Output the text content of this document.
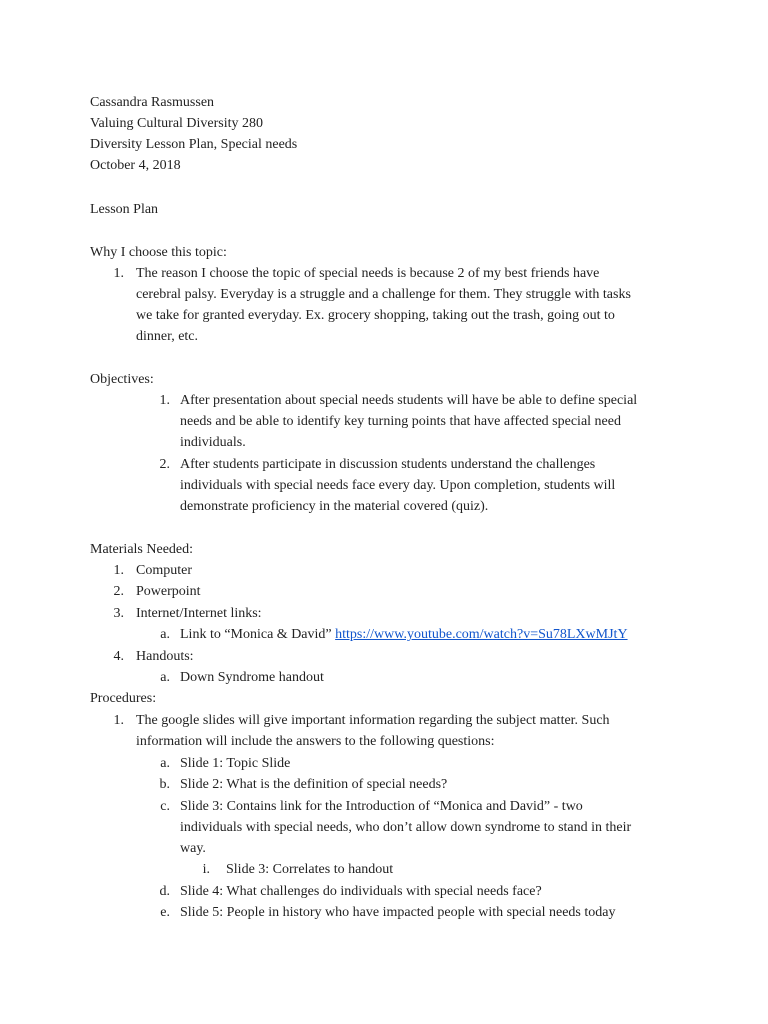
Cassandra Rasmussen
Valuing Cultural Diversity 280
Diversity Lesson Plan, Special needs
October 4, 2018
Lesson Plan
Why I choose this topic:
1. The reason I choose the topic of special needs is because 2 of my best friends have
cerebral palsy. Everyday is a struggle and a challenge for them. They struggle with tasks
we take for granted everyday. Ex. grocery shopping, taking out the trash, going out to
dinner, etc.
Objectives:
1. After presentation about special needs students will have be able to define special
needs and be able to identify key turning points that have affected special need
individuals.
2. After students participate in discussion students understand the challenges
individuals with special needs face every day. Upon completion, students will
demonstrate proficiency in the material covered (quiz).
Materials Needed:
1. Computer
2. Powerpoint
3. Internet/Internet links:
a. Link to “Monica & David” https://www.youtube.com/watch?v=Su78LXwMJtY
4. Handouts:
a. Down Syndrome handout
Procedures:
1. The google slides will give important information regarding the subject matter. Such
information will include the answers to the following questions:
a. Slide 1: Topic Slide
b. Slide 2: What is the definition of special needs?
c. Slide 3: Contains link for the Introduction of “Monica and David” - two
individuals with special needs, who don’t allow down syndrome to stand in their
way.
i. Slide 3: Correlates to handout
d. Slide 4: What challenges do individuals with special needs face?
e. Slide 5: People in history who have impacted people with special needs today
